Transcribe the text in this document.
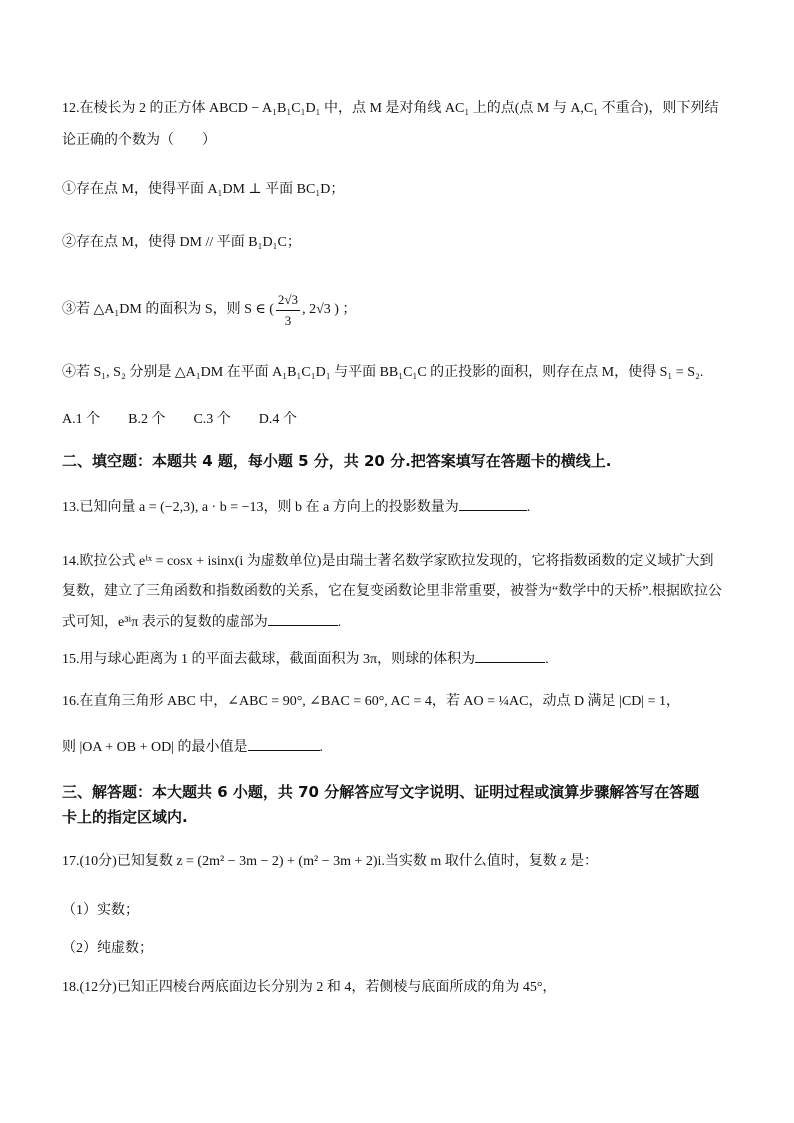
12.在棱长为 2 的正方体 ABCD − A₁B₁C₁D₁ 中，点 M 是对角线 AC₁ 上的点(点 M 与 A,C₁ 不重合)，则下列结
论正确的个数为（　　）
①存在点 M，使得平面 A₁DM ⊥ 平面 BC₁D；
②存在点 M，使得 DM // 平面 B₁D₁C；
③若 △A₁DM 的面积为 S，则 S ∈ ( $\frac{2√3}{3}$ , 2√3 ) ；
④若 S₁, S₂ 分别是 △A₁DM 在平面 A₁B₁C₁D₁ 与平面 BB₁C₁C 的正投影的面积，则存在点 M，使得 S₁ = S₂.
A.1 个　　B.2 个　　C.3 个　　D.4 个
二、填空题：本题共 4 题，每小题 5 分，共 20 分.把答案填写在答题卡的横线上.
13.已知向量 a = (−2,3), a · b = −13，则 b 在 a 方向上的投影数量为	.
14.欧拉公式 eⁱˣ = cosx + isinx(i 为虚数单位)是由瑞士著名数学家欧拉发现的，它将指数函数的定义域扩大到
复数，建立了三角函数和指数函数的关系，它在复变函数论里非常重要，被誉为“数学中的天桥”.根据欧拉公
式可知，e³ⁱπ 表示的复数的虚部为	.
15.用与球心距离为 1 的平面去截球，截面面积为 3π，则球的体积为	.
16.在直角三角形 ABC 中，∠ABC = 90°, ∠BAC = 60°, AC = 4，若 AO = ¼AC，动点 D 满足 |CD| = 1，
则 |OA + OB + OD| 的最小值是	.
三、解答题：本大题共 6 小题，共 70 分解答应写文字说明、证明过程或演算步骤解答写在答题
卡上的指定区域内.
17.(10分)已知复数 z = (2m² − 3m − 2) + (m² − 3m + 2)i.当实数 m 取什么值时，复数 z 是：
（1）实数；
（2）纯虚数；
18.(12分)已知正四棱台两底面边长分别为 2 和 4，若侧棱与底面所成的角为 45°，
